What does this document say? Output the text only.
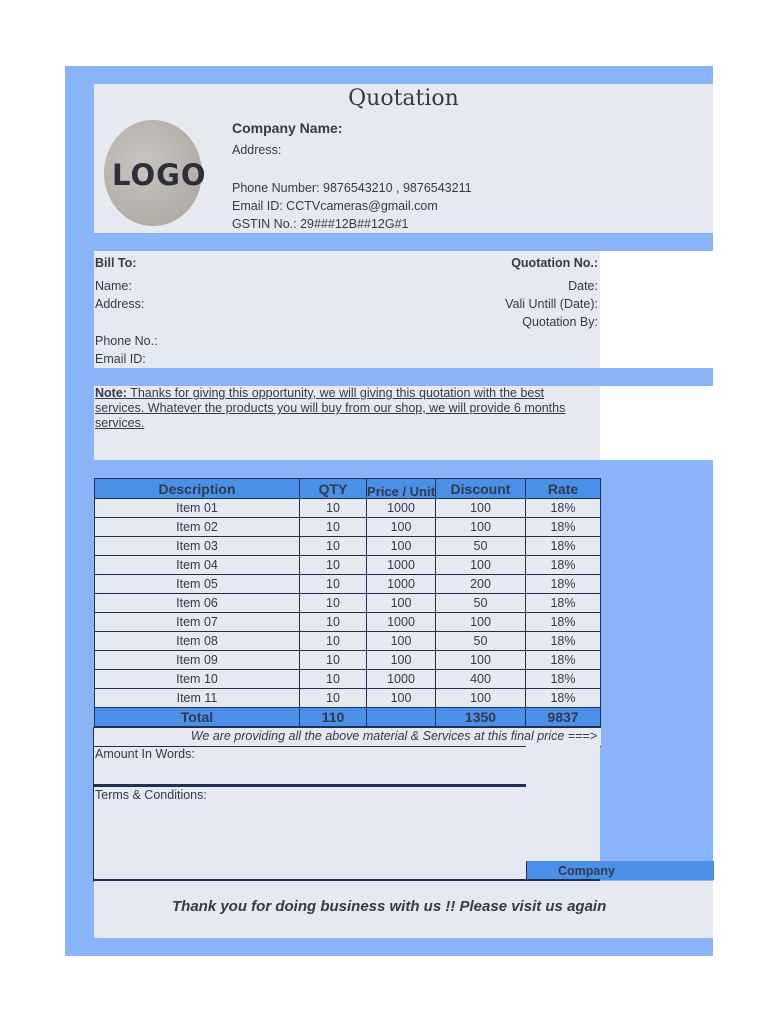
Quotation
LOGO
Company Name:
Address:
Phone Number: 9876543210 , 9876543211
Email ID: CCTVcameras@gmail.com
GSTIN No.: 29###12B##12G#1
Bill To:
Name:
Address:
Phone No.:
Email ID:
Quotation No.:
Date:
Vali Untill (Date):
Quotation By:
Note: Thanks for giving this opportunity, we will giving this quotation with the best
services. Whatever the products you will buy from our shop, we will provide 6 months
services.
Description	QTY	Price / Unit	Discount	Rate
Item 01	10	1000	100	18%
Item 02	10	100	100	18%
Item 03	10	100	50	18%
Item 04	10	1000	100	18%
Item 05	10	1000	200	18%
Item 06	10	100	50	18%
Item 07	10	1000	100	18%
Item 08	10	100	50	18%
Item 09	10	100	100	18%
Item 10	10	1000	400	18%
Item 11	10	100	100	18%
Total	110		1350	9837
We are providing all the above material & Services at this final price ===>
Amount In Words:
Terms & Conditions:
Company
Thank you for doing business with us !! Please visit us again
